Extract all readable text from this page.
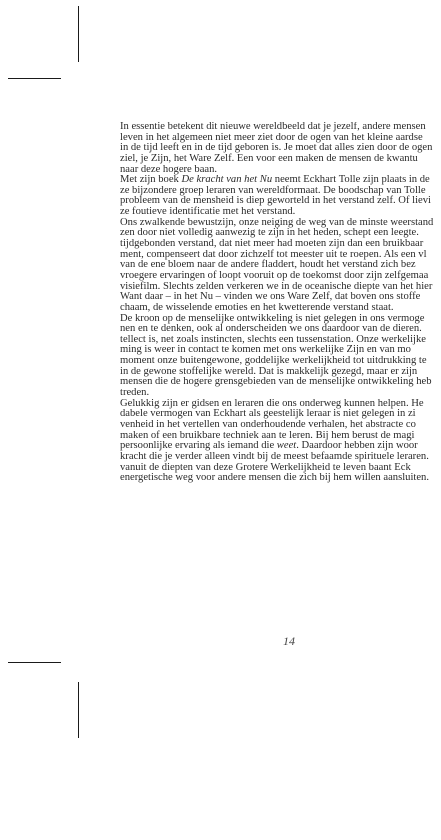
In essentie betekent dit nieuwe wereldbeeld dat je jezelf, andere mensen
leven in het algemeen niet meer ziet door de ogen van het kleine aardse
in de tijd leeft en in de tijd geboren is. Je moet dat alles zien door de ogen
ziel, je Zijn, het Ware Zelf. Een voor een maken de mensen de kwantu
naar deze hogere baan.
Met zijn boek De kracht van het Nu neemt Eckhart Tolle zijn plaats in de
ze bijzondere groep leraren van wereldformaat. De boodschap van Tolle
probleem van de mensheid is diep geworteld in het verstand zelf. Of lievi
ze foutieve identificatie met het verstand.
Ons zwalkende bewustzijn, onze neiging de weg van de minste weerstand
zen door niet volledig aanwezig te zijn in het heden, schept een leegte.
tijdgebonden verstand, dat niet meer had moeten zijn dan een bruikbaar
ment, compenseert dat door zichzelf tot meester uit te roepen. Als een vl
van de ene bloem naar de andere fladdert, houdt het verstand zich bez
vroegere ervaringen of loopt vooruit op de toekomst door zijn zelfgemaa
visiefilm. Slechts zelden verkeren we in de oceanische diepte van het hier
Want daar – in het Nu – vinden we ons Ware Zelf, dat boven ons stoffe
chaam, de wisselende emoties en het kwetterende verstand staat.
De kroon op de menselijke ontwikkeling is niet gelegen in ons vermoge
nen en te denken, ook al onderscheiden we ons daardoor van de dieren.
tellect is, net zoals instincten, slechts een tussenstation. Onze werkelijke
ming is weer in contact te komen met ons werkelijke Zijn en van mo
moment onze buitengewone, goddelijke werkelijkheid tot uitdrukking te
in de gewone stoffelijke wereld. Dat is makkelijk gezegd, maar er zijn
mensen die de hogere grensgebieden van de menselijke ontwikkeling heb
treden.
Gelukkig zijn er gidsen en leraren die ons onderweg kunnen helpen. He
dabele vermogen van Eckhart als geestelijk leraar is niet gelegen in zi
venheid in het vertellen van onderhoudende verhalen, het abstracte co
maken of een bruikbare techniek aan te leren. Bij hem berust de magi
persoonlijke ervaring als iemand die weet. Daardoor hebben zijn woor
kracht die je verder alleen vindt bij de meest befaamde spirituele leraren.
vanuit de diepten van deze Grotere Werkelijkheid te leven baant Eck
energetische weg voor andere mensen die zich bij hem willen aansluiten.
14
